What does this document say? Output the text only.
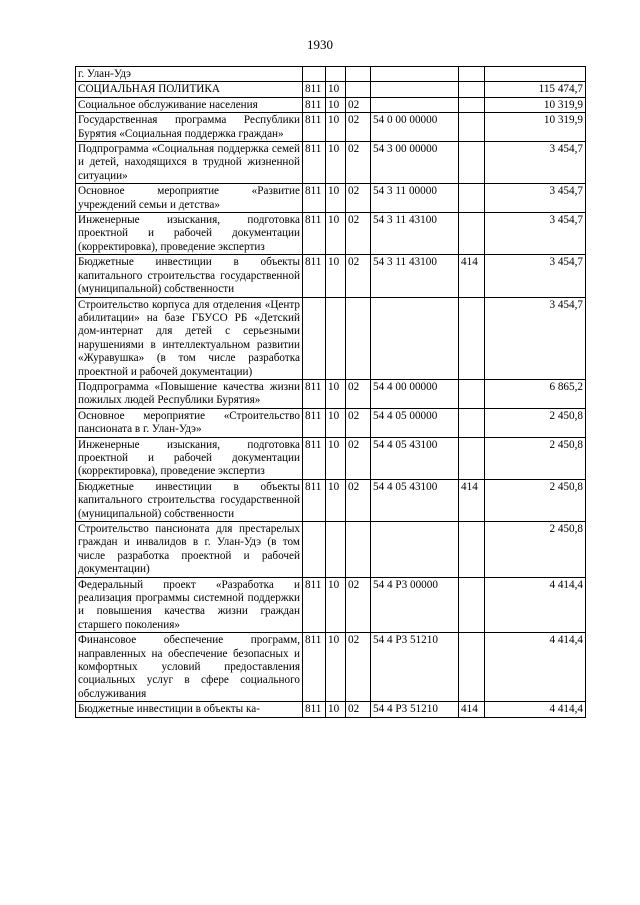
1930
г. Улан-Удэ						
СОЦИАЛЬНАЯ ПОЛИТИКА	811	10				115 474,7
Социальное обслуживание населения	811	10	02			10 319,9
Государственная программа Республики Бурятия «Социальная поддержка граждан»	811	10	02	54 0 00 00000		10 319,9
Подпрограмма «Социальная поддержка семей и детей, находящихся в трудной жизненной ситуации»	811	10	02	54 3 00 00000		3 454,7
Основное мероприятие «Развитие учреждений семьи и детства»	811	10	02	54 3 11 00000		3 454,7
Инженерные изыскания, подготовка проектной и рабочей документации (корректировка), проведение экспертиз	811	10	02	54 3 11 43100		3 454,7
Бюджетные инвестиции в объекты капитального строительства государственной (муниципальной) собственности	811	10	02	54 3 11 43100	414	3 454,7
Строительство корпуса для отделения «Центр абилитации» на базе ГБУСО РБ «Детский дом-интернат для детей с серьезными нарушениями в интеллектуальном развитии «Журавушка» (в том числе разработка проектной и рабочей документации)						3 454,7
Подпрограмма «Повышение качества жизни пожилых людей Республики Бурятия»	811	10	02	54 4 00 00000		6 865,2
Основное мероприятие «Строительство пансионата в г. Улан-Удэ»	811	10	02	54 4 05 00000		2 450,8
Инженерные изыскания, подготовка проектной и рабочей документации (корректировка), проведение экспертиз	811	10	02	54 4 05 43100		2 450,8
Бюджетные инвестиции в объекты капитального строительства государственной (муниципальной) собственности	811	10	02	54 4 05 43100	414	2 450,8
Строительство пансионата для престарелых граждан и инвалидов в г. Улан-Удэ (в том числе разработка проектной и рабочей документации)						2 450,8
Федеральный проект «Разработка и реализация программы системной поддержки и повышения качества жизни граждан старшего поколения»	811	10	02	54 4 Р3 00000		4 414,4
Финансовое обеспечение программ, направленных на обеспечение безопасных и комфортных условий предоставления социальных услуг в сфере социального обслуживания	811	10	02	54 4 Р3 51210		4 414,4
Бюджетные инвестиции в объекты ка-	811	10	02	54 4 Р3 51210	414	4 414,4
